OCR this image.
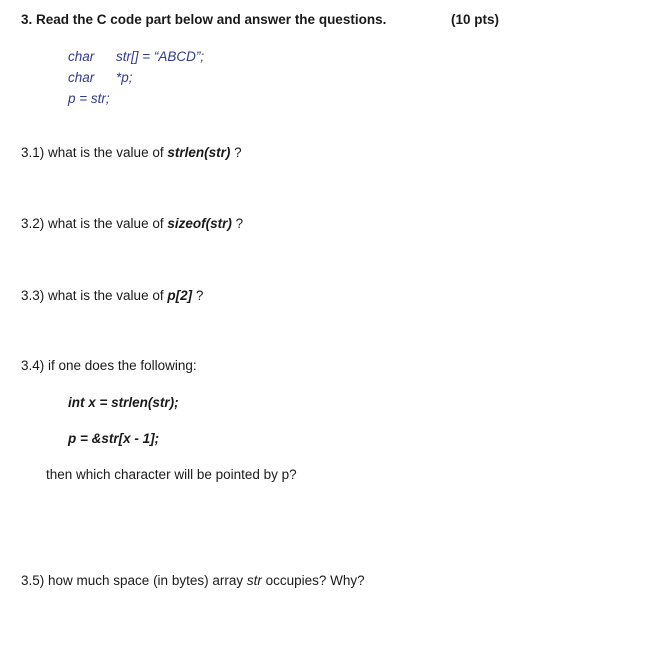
3. Read the C code part below and answer the questions.	(10 pts)
char str[] = “ABCD”;
char *p;
p = str;
3.1) what is the value of strlen(str) ?
3.2) what is the value of sizeof(str) ?
3.3) what is the value of p[2] ?
3.4) if one does the following:
int x = strlen(str);
p = &str[x - 1];
then which character will be pointed by p?
3.5) how much space (in bytes) array str occupies? Why?
